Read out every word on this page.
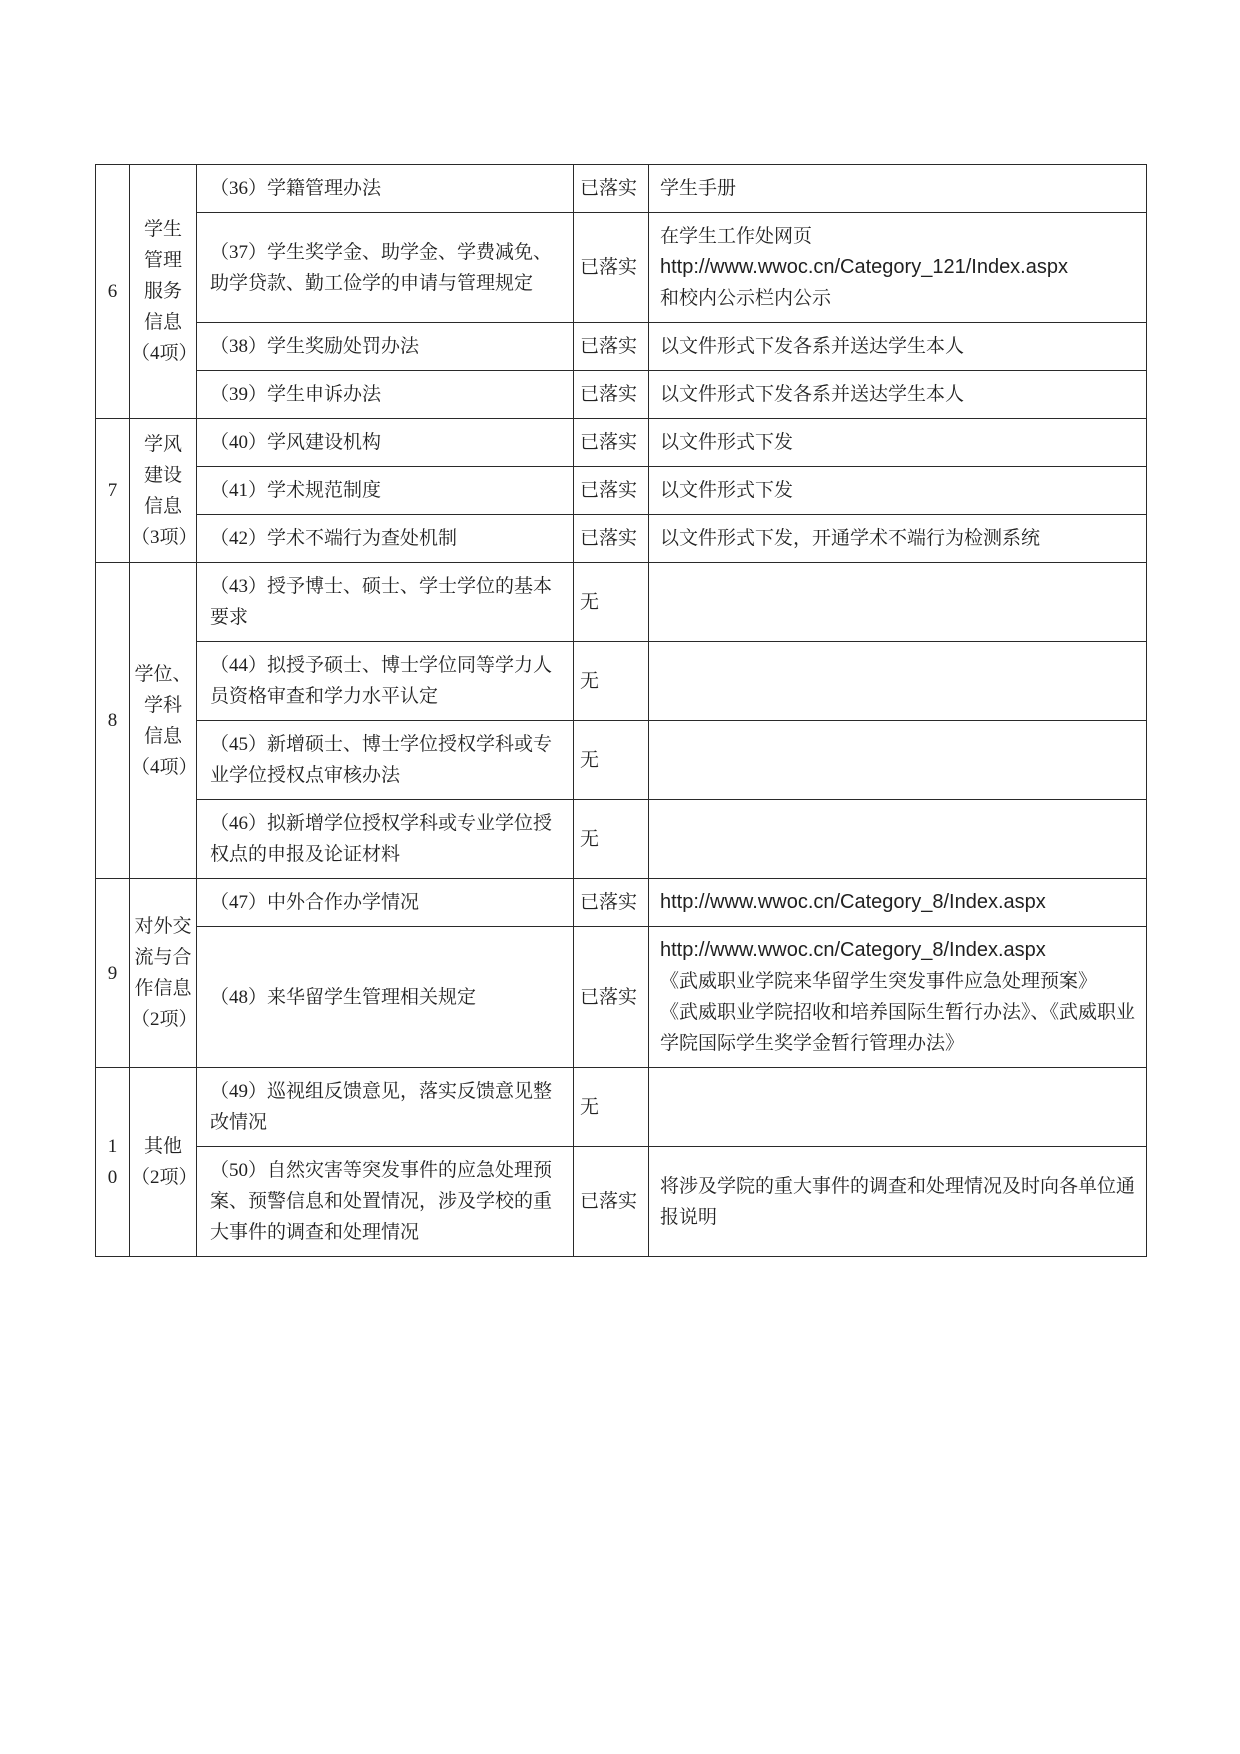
6	学生
管理
服务
信息
（4项）	（36）学籍管理办法	已落实	学生手册

		（37）学生奖学金、助学金、学费减免、助学贷款、勤工俭学的申请与管理规定	已落实	在学生工作处网页
http://www.wwoc.cn/Category_121/Index.aspx
和校内公示栏内公示

		（38）学生奖励处罚办法	已落实	以文件形式下发各系并送达学生本人

		（39）学生申诉办法	已落实	以文件形式下发各系并送达学生本人

7	学风
建设
信息
（3项）	（40）学风建设机构	已落实	以文件形式下发

		（41）学术规范制度	已落实	以文件形式下发

		（42）学术不端行为查处机制	已落实	以文件形式下发，开通学术不端行为检测系统

8	学位、
学科
信息
（4项）	（43）授予博士、硕士、学士学位的基本要求	无	
		（44）拟授予硕士、博士学位同等学力人员资格审查和学力水平认定	无	
		（45）新增硕士、博士学位授权学科或专业学位授权点审核办法	无	
		（46）拟新增学位授权学科或专业学位授权点的申报及论证材料	无	

9	对外交
流与合
作信息
（2项）	（47）中外合作办学情况	已落实	http://www.wwoc.cn/Category_8/Index.aspx

		（48）来华留学生管理相关规定	已落实	http://www.wwoc.cn/Category_8/Index.aspx
《武威职业学院来华留学生突发事件应急处理预案》
《武威职业学院招收和培养国际生暂行办法》、《武威职业学院国际学生奖学金暂行管理办法》

1
0	其他
（2项）	（49）巡视组反馈意见，落实反馈意见整改情况	无	
		（50）自然灾害等突发事件的应急处理预案、预警信息和处置情况，涉及学校的重大事件的调查和处理情况	已落实	将涉及学院的重大事件的调查和处理情况及时向各单位通报说明
